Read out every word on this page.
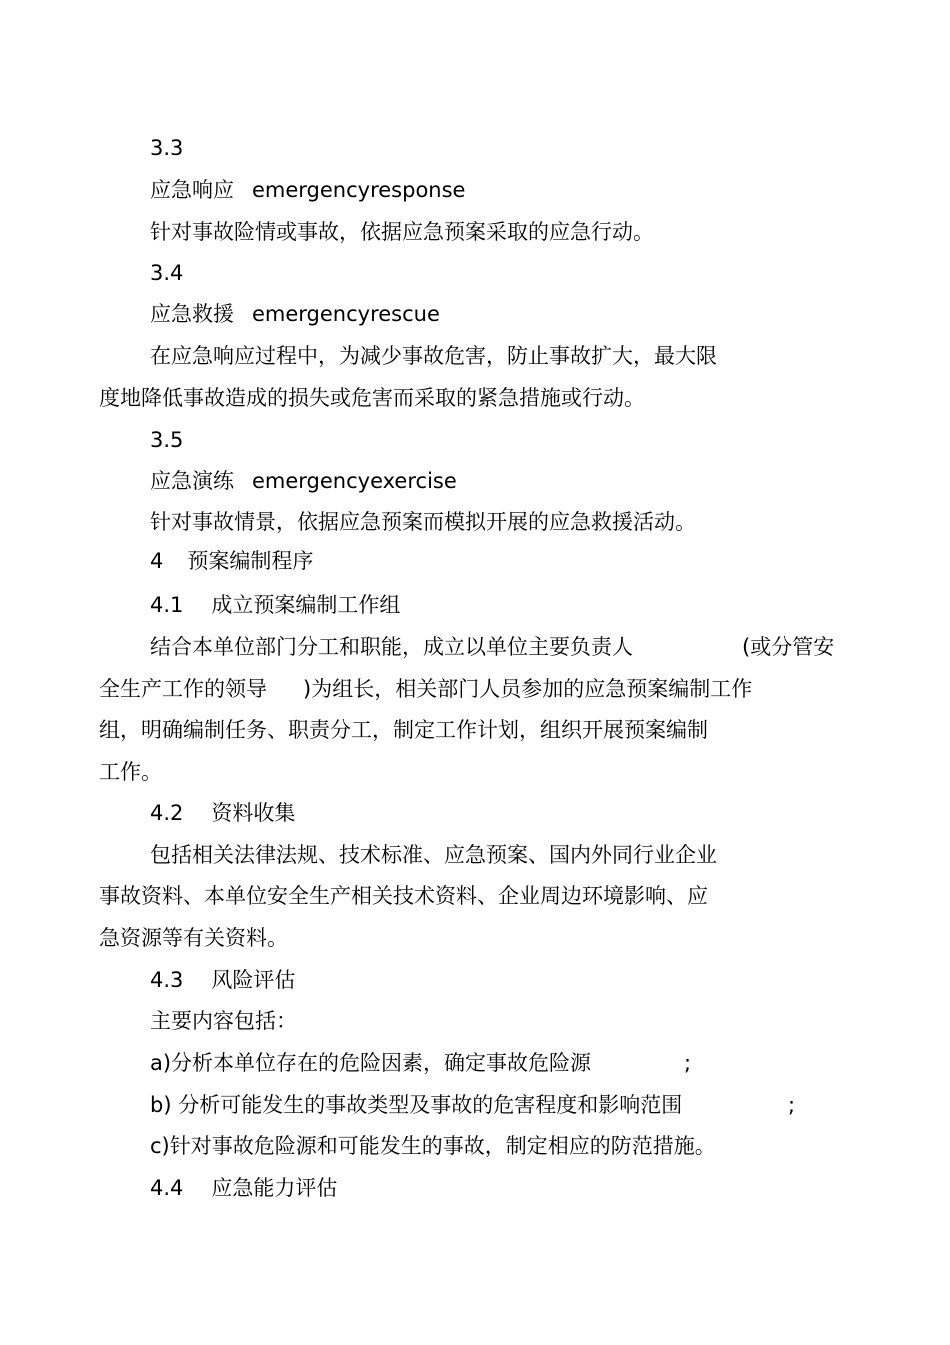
3.3

应急响应 emergencyresponse

针对事故险情或事故，依据应急预案采取的应急行动。

3.4

应急救援 emergencyrescue

在应急响应过程中，为减少事故危害，防止事故扩大，最大限

度地降低事故造成的损失或危害而采取的紧急措施或行动。

3.5

应急演练 emergencyexercise

针对事故情景，依据应急预案而模拟开展的应急救援活动。

4 预案编制程序

4.1 成立预案编制工作组

结合本单位部门分工和职能，成立以单位主要负责人	(或分管安

全生产工作的领导 )为组长，相关部门人员参加的应急预案编制工作

组，明确编制任务、职责分工，制定工作计划，组织开展预案编制

工作。

4.2 资料收集

包括相关法律法规、技术标准、应急预案、国内外同行业企业

事故资料、本单位安全生产相关技术资料、企业周边环境影响、应

急资源等有关资料。

4.3 风险评估

主要内容包括：

a)分析本单位存在的危险因素，确定事故危险源	;

b) 分析可能发生的事故类型及事故的危害程度和影响范围	;

c)针对事故危险源和可能发生的事故，制定相应的防范措施。

4.4 应急能力评估
